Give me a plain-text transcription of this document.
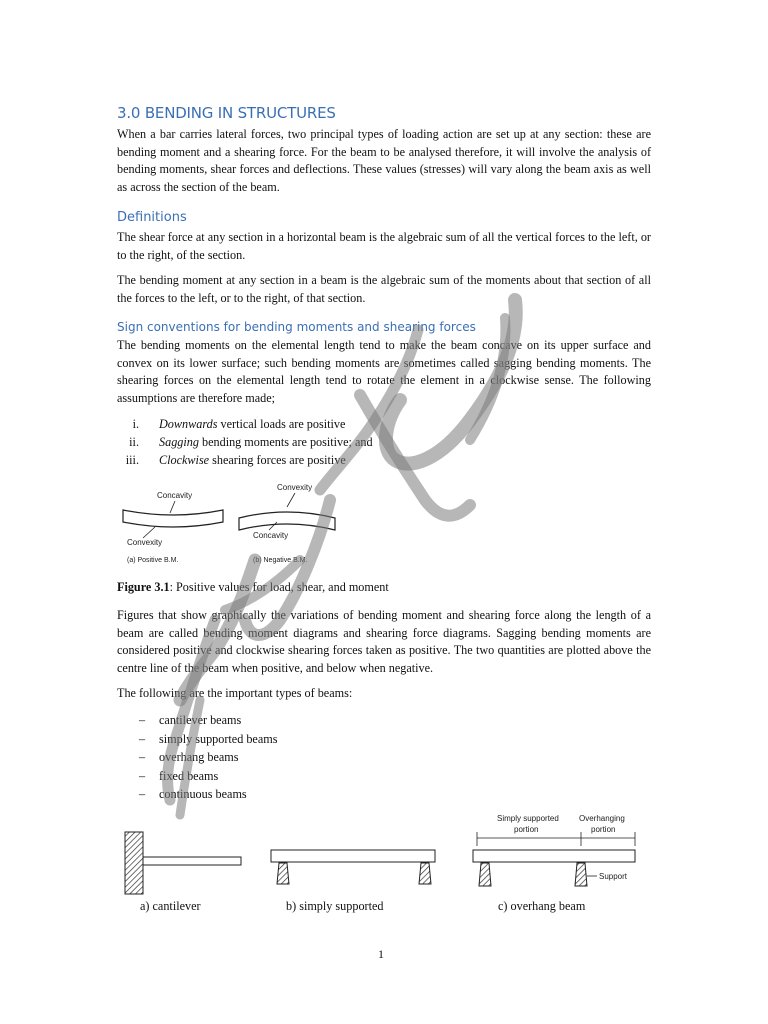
3.0 BENDING IN STRUCTURES

When a bar carries lateral forces, two principal types of loading action are set up at any section: these are bending moment and a shearing force. For the beam to be analysed therefore, it will involve the analysis of bending moments, shear forces and deflections. These values (stresses) will vary along the beam axis as well as across the section of the beam.

Definitions

The shear force at any section in a horizontal beam is the algebraic sum of all the vertical forces to the left, or to the right, of the section.

The bending moment at any section in a beam is the algebraic sum of the moments about that section of all the forces to the left, or to the right, of that section.

Sign conventions for bending moments and shearing forces

The bending moments on the elemental length tend to make the beam concave on its upper surface and convex on its lower surface; such bending moments are sometimes called sagging bending moments. The shearing forces on the elemental length tend to rotate the element in a clockwise sense. The following assumptions are therefore made;

i. Downwards vertical loads are positive
ii. Sagging bending moments are positive; and
iii. Clockwise shearing forces are positive
Concavity
Convexity
(a) Positive B.M.
Convexity
Concavity
(b) Negative B.M.
Figure 3.1: Positive values for load, shear, and moment

Figures that show graphically the variations of bending moment and shearing force along the length of a beam are called bending moment diagrams and shearing force diagrams. Sagging bending moments are considered positive and clockwise shearing forces taken as positive. The two quantities are plotted above the centre line of the beam when positive, and below when negative.

The following are the important types of beams:

– cantilever beams
– simply supported beams
– overhang beams
– fixed beams
– continuous beams
Simply supported
portion
Overhanging
portion
Support
a) cantilever	b) simply supported	c) overhang beam
1
